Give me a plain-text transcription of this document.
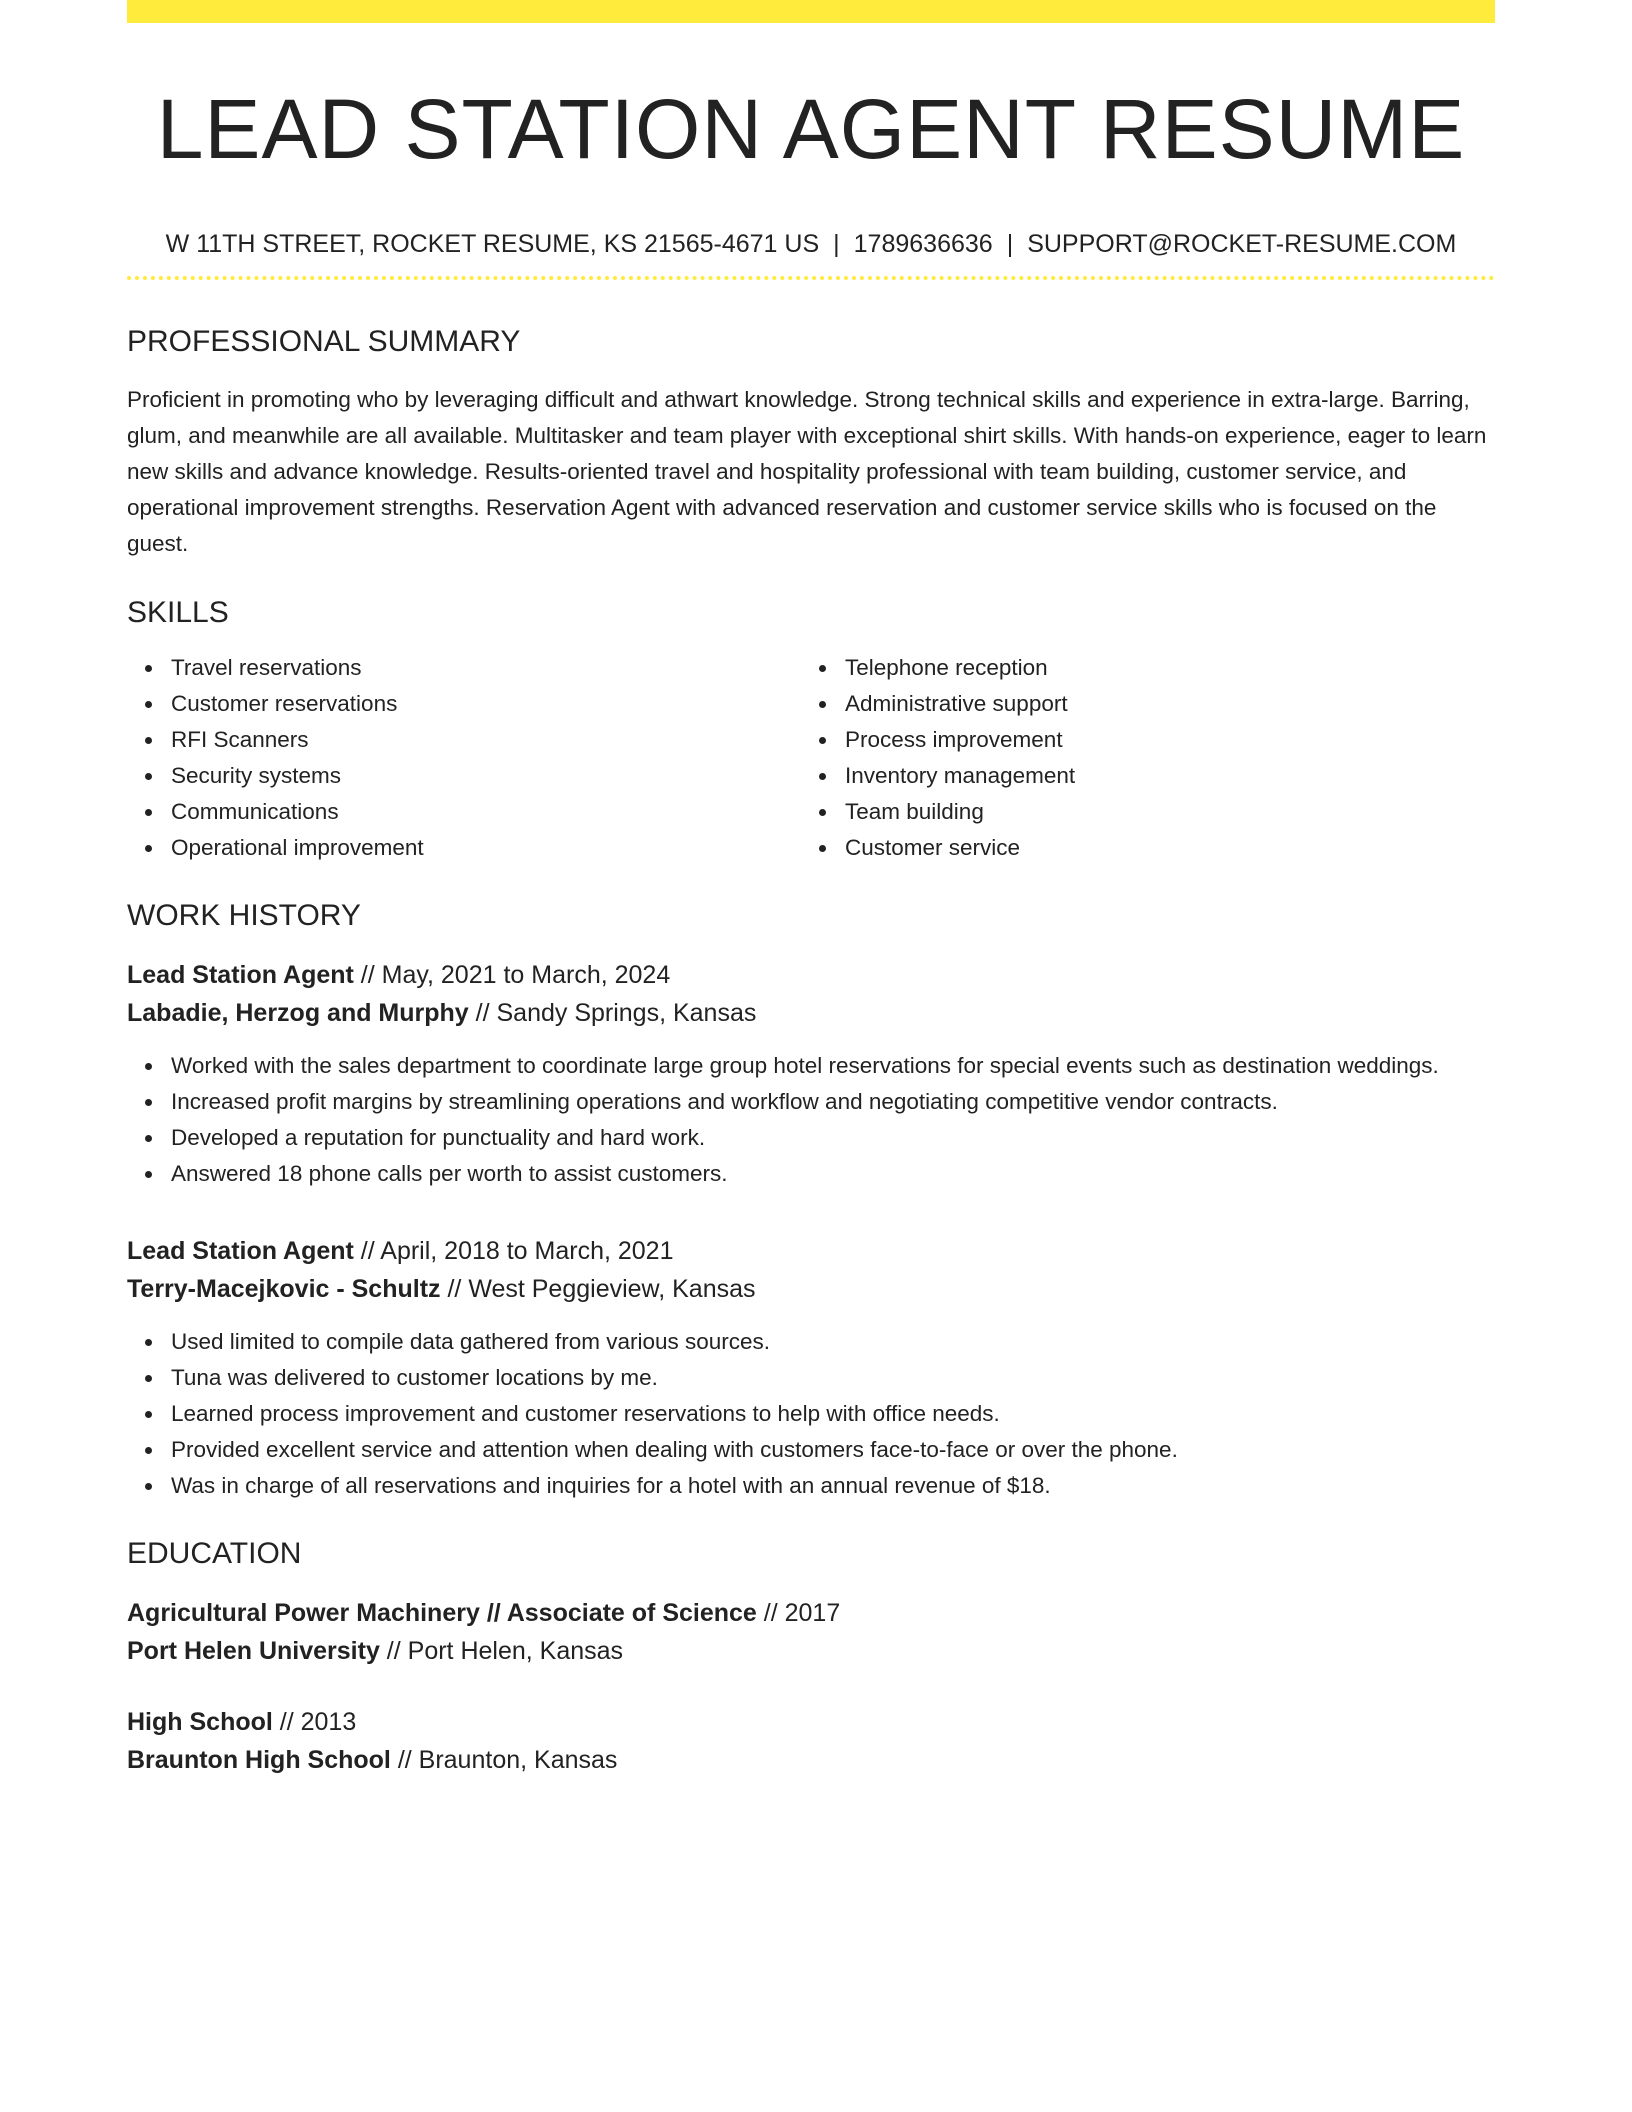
LEAD STATION AGENT RESUME
W 11TH STREET, ROCKET RESUME, KS 21565-4671 US | 1789636636 | SUPPORT@ROCKET-RESUME.COM
PROFESSIONAL SUMMARY
Proficient in promoting who by leveraging difficult and athwart knowledge. Strong technical skills and experience in extra-large. Barring, glum, and meanwhile are all available. Multitasker and team player with exceptional shirt skills. With hands-on experience, eager to learn new skills and advance knowledge. Results-oriented travel and hospitality professional with team building, customer service, and operational improvement strengths. Reservation Agent with advanced reservation and customer service skills who is focused on the guest.
SKILLS
Travel reservations
Customer reservations
RFI Scanners
Security systems
Communications
Operational improvement
Telephone reception
Administrative support
Process improvement
Inventory management
Team building
Customer service
WORK HISTORY
Lead Station Agent // May, 2021 to March, 2024
Labadie, Herzog and Murphy // Sandy Springs, Kansas
Worked with the sales department to coordinate large group hotel reservations for special events such as destination weddings.
Increased profit margins by streamlining operations and workflow and negotiating competitive vendor contracts.
Developed a reputation for punctuality and hard work.
Answered 18 phone calls per worth to assist customers.
Lead Station Agent // April, 2018 to March, 2021
Terry-Macejkovic - Schultz // West Peggieview, Kansas
Used limited to compile data gathered from various sources.
Tuna was delivered to customer locations by me.
Learned process improvement and customer reservations to help with office needs.
Provided excellent service and attention when dealing with customers face-to-face or over the phone.
Was in charge of all reservations and inquiries for a hotel with an annual revenue of $18.
EDUCATION
Agricultural Power Machinery // Associate of Science // 2017
Port Helen University // Port Helen, Kansas
High School // 2013
Braunton High School // Braunton, Kansas
